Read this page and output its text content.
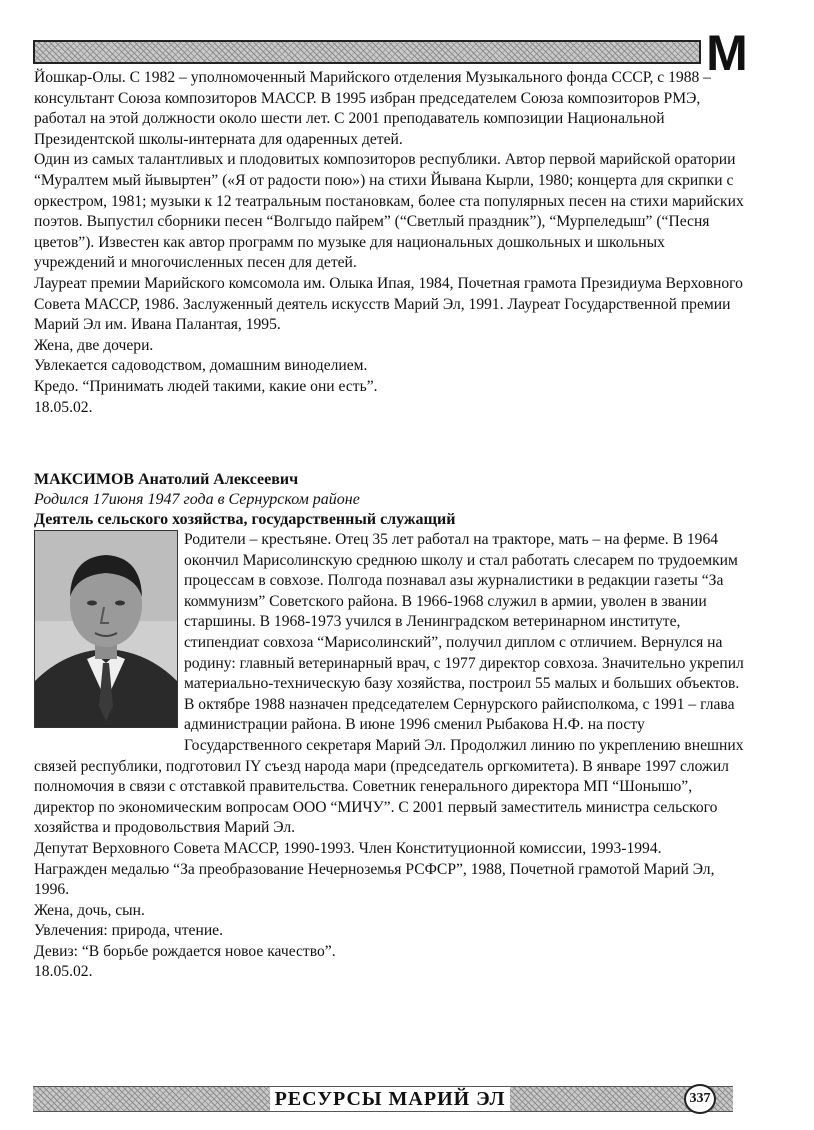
М

Йошкар-Олы. С 1982 – уполномоченный Марийского отделения Музыкального фонда СССР, с 1988 – консультант Союза композиторов МАССР. В 1995 избран председателем Союза композиторов РМЭ, работал на этой должности около шести лет. С 2001 преподаватель композиции Национальной Президентской школы-интерната для одаренных детей.

Один из самых талантливых и плодовитых композиторов республики. Автор первой марийской оратории “Муралтем мый йывыртен” («Я от радости пою») на стихи Йывана Кырли, 1980; концерта для скрипки с оркестром, 1981; музыки к 12 театральным постановкам, более ста популярных песен на стихи марийских поэтов. Выпустил сборники песен “Волгыдо пайрем” (“Светлый праздник”), “Мурпеледыш” (“Песня цветов”). Известен как автор программ по музыке для национальных дошкольных и школьных учреждений и многочисленных песен для детей.

Лауреат премии Марийского комсомола им. Олыка Ипая, 1984, Почетная грамота Президиума Верховного Совета МАССР, 1986. Заслуженный деятель искусств Марий Эл, 1991. Лауреат Государственной премии Марий Эл им. Ивана Палантая, 1995.

Жена, две дочери.

Увлекается садоводством, домашним виноделием.

Кредо. “Принимать людей такими, какие они есть”.

18.05.02.

МАКСИМОВ Анатолий Алексеевич
Родился 17июня 1947 года в Сернурском районе
Деятель сельского хозяйства, государственный служащий

Родители – крестьяне. Отец 35 лет работал на тракторе, мать – на ферме. В 1964 окончил Марисолинскую среднюю школу и стал работать слесарем по трудоемким процессам в совхозе. Полгода познавал азы журналистики в редакции газеты “За коммунизм” Советского района. В 1966-1968 служил в армии, уволен в звании старшины. В 1968-1973 учился в Ленинградском ветеринарном институте, стипендиат совхоза “Марисолинский”, получил диплом с отличием. Вернулся на родину: главный ветеринарный врач, с 1977 директор совхоза. Значительно укрепил материально-техническую базу хозяйства, построил 55 малых и больших объектов. В октябре 1988 назначен председателем Сернурского райисполкома, с 1991 – глава администрации района. В июне 1996 сменил Рыбакова Н.Ф. на посту Государственного секретаря Марий Эл. Продолжил линию по укреплению внешних связей республики, подготовил IY съезд народа мари (председатель оргкомитета). В январе 1997 сложил полномочия в связи с отставкой правительства. Советник генерального директора МП “Шонышо”, директор по экономическим вопросам ООО “МИЧУ”. С 2001 первый заместитель министра сельского хозяйства и продовольствия Марий Эл.

Депутат Верховного Совета МАССР, 1990-1993. Член Конституционной комиссии, 1993-1994.

Награжден медалью “За преобразование Нечерноземья РСФСР”, 1988, Почетной грамотой Марий Эл, 1996.

Жена, дочь, сын.

Увлечения: природа, чтение.

Девиз: “В борьбе рождается новое качество”.

18.05.02.

РЕСУРСЫ МАРИЙ ЭЛ	337
